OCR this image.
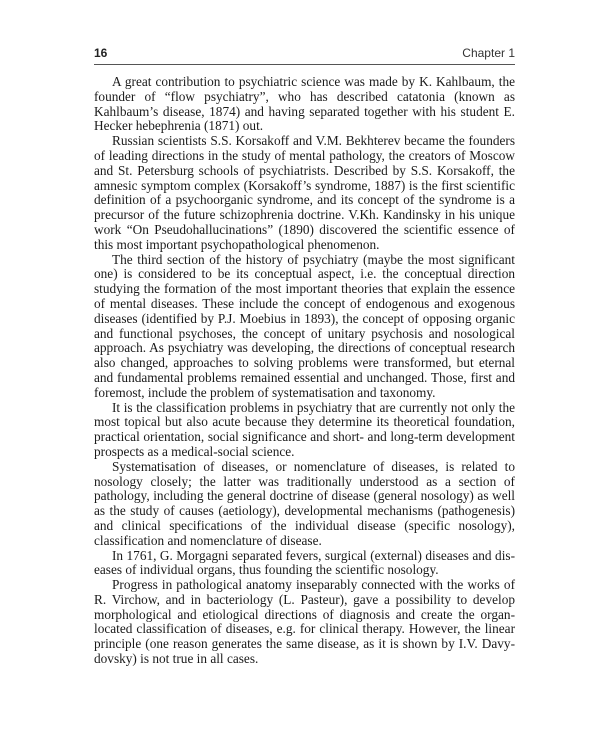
16	Chapter 1

A great contribution to psychiatric science was made by K. Kahlbaum, the founder of “flow psychiatry”, who has described catatonia (known as Kahlbaum’s disease, 1874) and having separated together with his student E. Hecker hebephrenia (1871) out.

Russian scientists S.S. Korsakoff and V.M. Bekhterev became the founders of leading directions in the study of mental pathology, the creators of Moscow and St. Petersburg schools of psychiatrists. Described by S.S. Korsakoff, the amnesic symptom complex (Korsakoff’s syndrome, 1887) is the first scientific definition of a psychoorganic syndrome, and its concept of the syndrome is a precursor of the future schizophrenia doctrine. V.Kh. Kandinsky in his unique work “On Pseudohallucinations” (1890) discovered the scientific essence of this most important psychopathological phenomenon.

The third section of the history of psychiatry (maybe the most significant one) is considered to be its conceptual aspect, i.e. the conceptual direction studying the formation of the most important theories that explain the essence of mental diseases. These include the concept of endogenous and exogenous diseases (identified by P.J. Moebius in 1893), the concept of opposing organic and functional psychoses, the concept of unitary psychosis and nosological approach. As psychiatry was developing, the directions of conceptual research also changed, approaches to solving problems were transformed, but eternal and fundamental problems remained essential and unchanged. Those, first and foremost, include the problem of systematisation and taxonomy.

It is the classification problems in psychiatry that are currently not only the most topical but also acute because they determine its theoretical foundation, practical orientation, social significance and short- and long-term development prospects as a medical-social science.

Systematisation of diseases, or nomenclature of diseases, is related to nosology closely; the latter was traditionally understood as a section of pathology, including the general doctrine of disease (general nosology) as well as the study of causes (aetiology), developmental mechanisms (pathogenesis) and clinical specifications of the individual disease (specific nosology), classification and nomenclature of disease.

In 1761, G. Morgagni separated fevers, surgical (external) diseases and diseases of individual organs, thus founding the scientific nosology.

Progress in pathological anatomy inseparably connected with the works of R. Virchow, and in bacteriology (L. Pasteur), gave a possibility to develop morphological and etiological directions of diagnosis and create the organ-located classification of diseases, e.g. for clinical therapy. However, the linear principle (one reason generates the same disease, as it is shown by I.V. Davydovsky) is not true in all cases.
